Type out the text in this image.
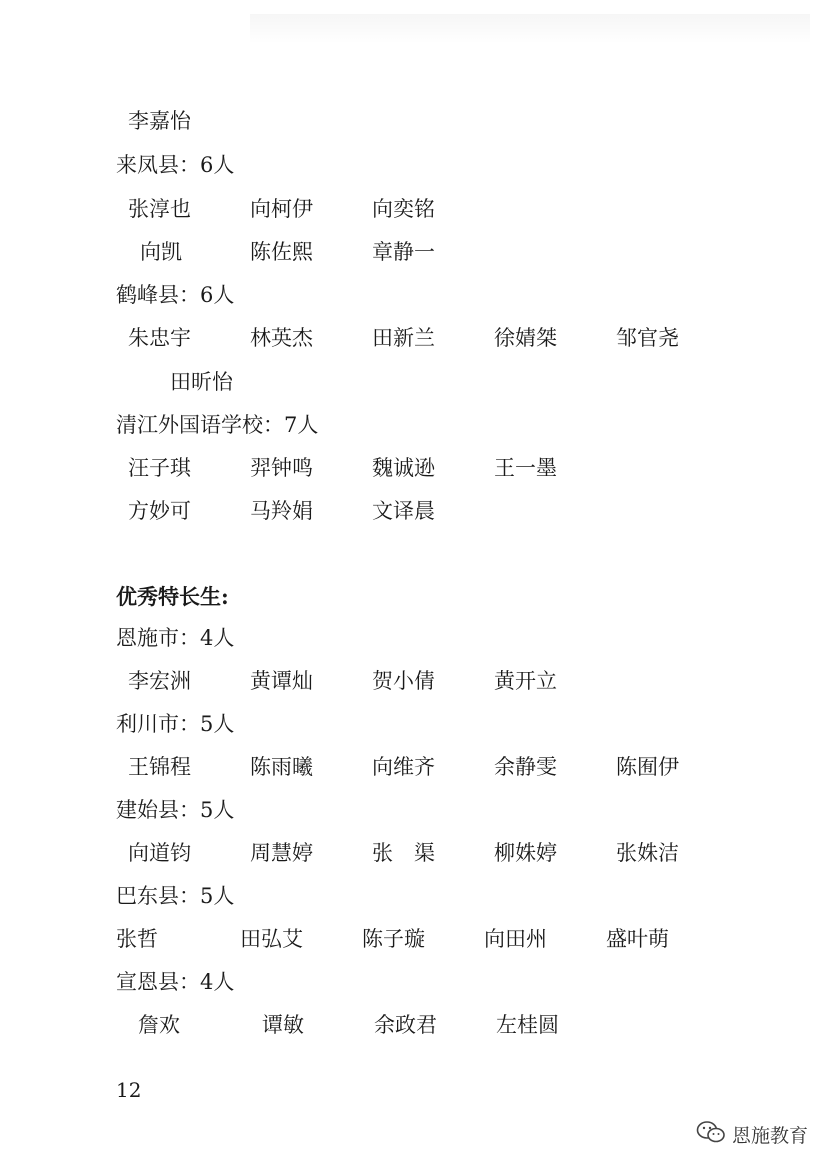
李嘉怡
来凤县：6人
张淳也	向柯伊	向奕铭
向凯	陈佐熙	章静一
鹤峰县：6人
朱忠宇	林英杰	田新兰	徐婧桀	邹官尧
田昕怡
清江外国语学校：7人
汪子琪	羿钟鸣	魏诚逊	王一墨
方妙可	马羚娟	文译晨
优秀特长生:
恩施市：4人
李宏洲	黄谭灿	贺小倩	黄开立
利川市：5人
王锦程	陈雨曦	向维齐	余静雯	陈囿伊
建始县：5人
向道钧	周慧婷	张　渠	柳姝婷	张姝洁
巴东县：5人
张哲	田弘艾	陈子璇	向田州	盛叶萌
宣恩县：4人
詹欢	谭敏	余政君	左桂圆
12
恩施教育
